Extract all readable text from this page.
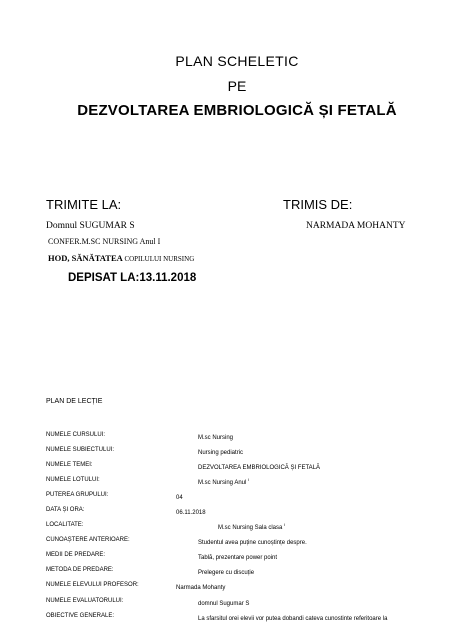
PLAN SCHELETIC
PE
DEZVOLTAREA EMBRIOLOGICĂ ȘI FETALĂ
TRIMITE LA:	TRIMIS DE:
Domnul SUGUMAR S	NARMADA MOHANTY
CONFER.M.SC NURSING Anul I
HOD, SĂNĂTATEA COPILULUI NURSING
DEPISAT LA:13.11.2018
PLAN DE LECȚIE
NUMELE CURSULUI:	M.sc Nursing
NUMELE SUBIECTULUI:	Nursing pediatric
NUMELE TEMEI:	DEZVOLTAREA EMBRIOLOGICĂ ȘI FETALĂ
NUMELE LOTULUI:	M.sc Nursing Anul $^I$
PUTEREA GRUPULUI:	04
DATA ȘI ORA:	06.11.2018
LOCALITATE:	M.sc Nursing Sala clasa $^I$
CUNOAȘTERE ANTERIOARE:	Studentul avea puține cunoștințe despre.
MEDII DE PREDARE:	Tablă, prezentare power point
METODA DE PREDARE:	Prelegere cu discuție
NUMELE ELEVULUI PROFESOR:	Narmada Mohanty
NUMELE EVALUATORULUI:	domnul Sugumar S
OBIECTIVE GENERALE:	La sfarsitul orei elevii vor putea dobandi cateva cunostinte referitoare la
